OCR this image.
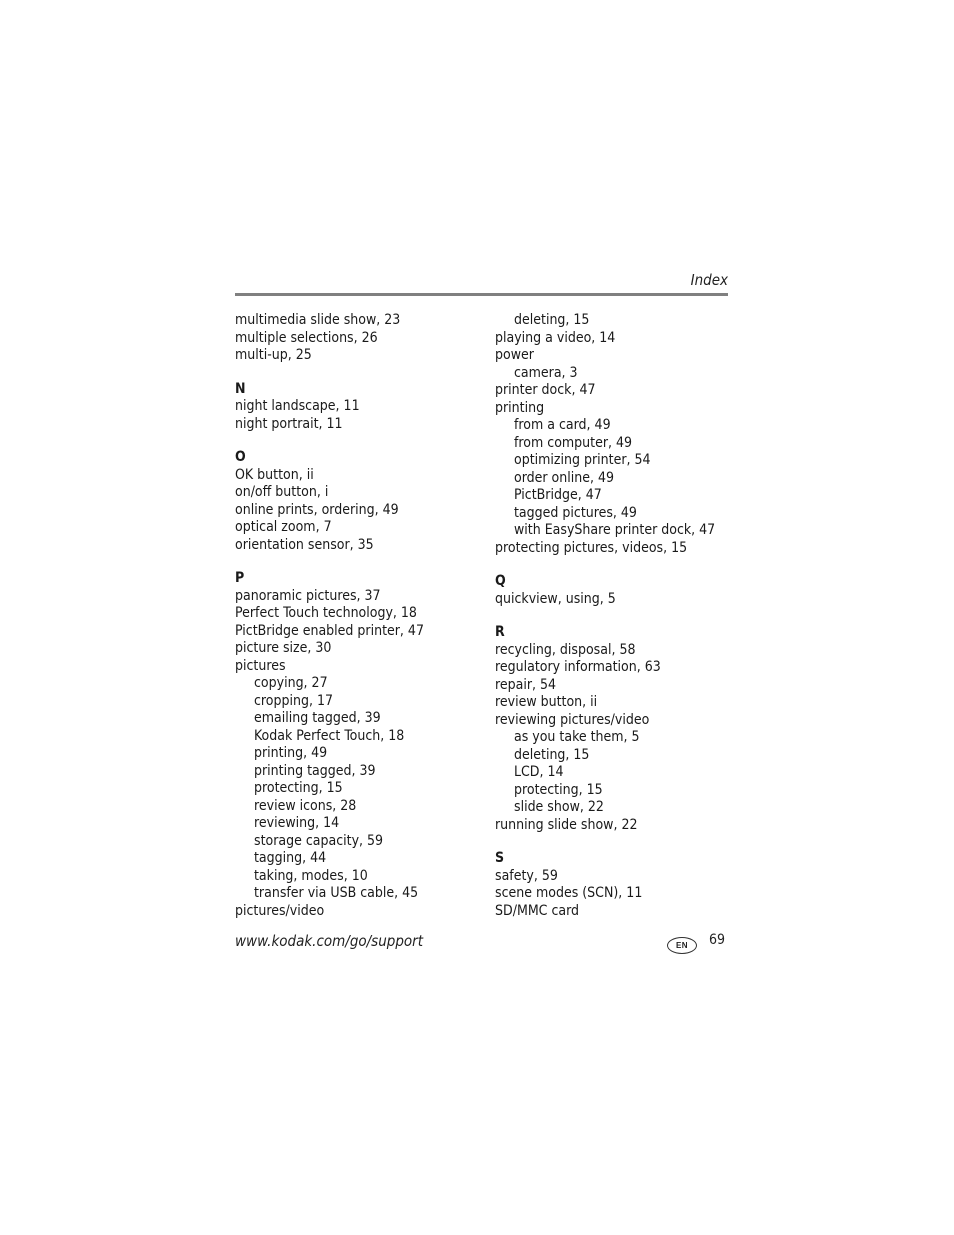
Index
multimedia slide show, 23
multiple selections, 26
multi-up, 25
N
night landscape, 11
night portrait, 11
O
OK button, ii
on/off button, i
online prints, ordering, 49
optical zoom, 7
orientation sensor, 35
P
panoramic pictures, 37
Perfect Touch technology, 18
PictBridge enabled printer, 47
picture size, 30
pictures
copying, 27
cropping, 17
emailing tagged, 39
Kodak Perfect Touch, 18
printing, 49
printing tagged, 39
protecting, 15
review icons, 28
reviewing, 14
storage capacity, 59
tagging, 44
taking, modes, 10
transfer via USB cable, 45
pictures/video
deleting, 15
playing a video, 14
power
camera, 3
printer dock, 47
printing
from a card, 49
from computer, 49
optimizing printer, 54
order online, 49
PictBridge, 47
tagged pictures, 49
with EasyShare printer dock, 47
protecting pictures, videos, 15
Q
quickview, using, 5
R
recycling, disposal, 58
regulatory information, 63
repair, 54
review button, ii
reviewing pictures/video
as you take them, 5
deleting, 15
LCD, 14
protecting, 15
slide show, 22
running slide show, 22
S
safety, 59
scene modes (SCN), 11
SD/MMC card
www.kodak.com/go/support	EN	69
